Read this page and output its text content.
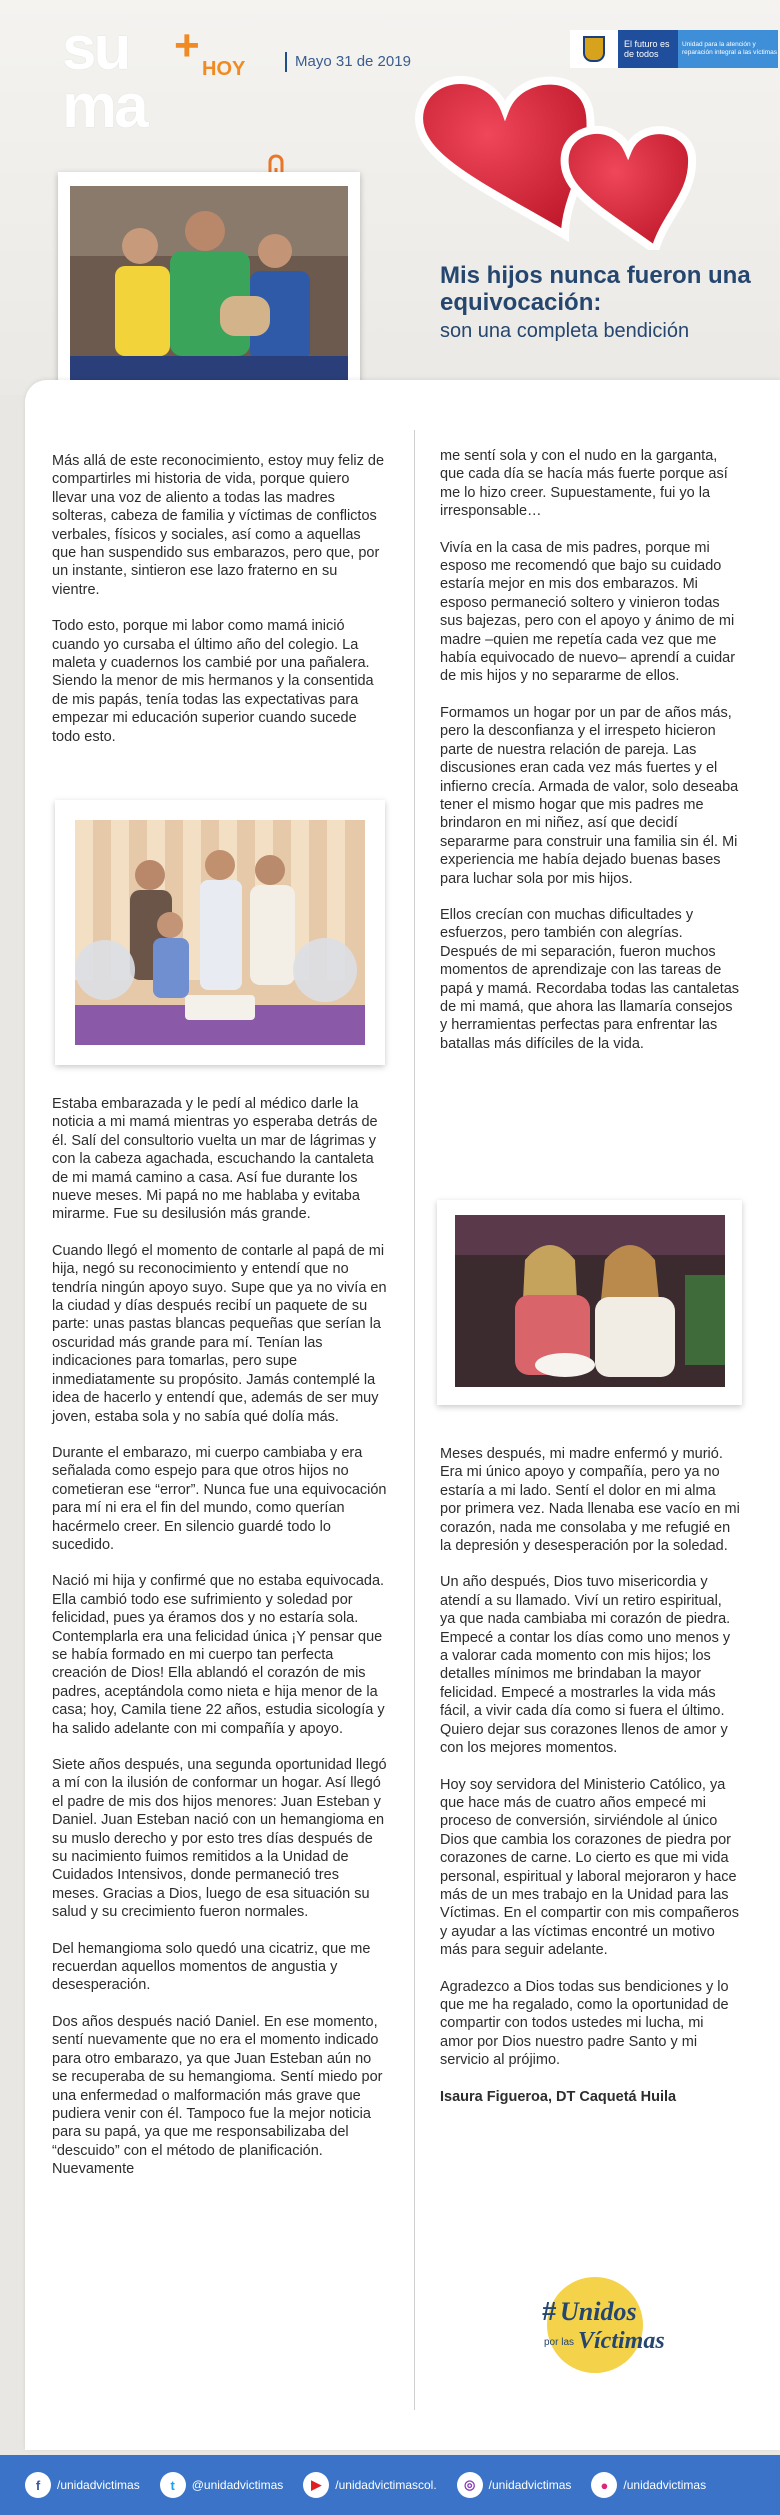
su
ma
+ HOY	Mayo 31 de 2019
El futuro es de todos
Unidad para la atención y reparación integral a las víctimas
Mis hijos nunca fueron una equivocación:
son una completa bendición

Más allá de este reconocimiento, estoy muy feliz de compartirles mi historia de vida, porque quiero llevar una voz de aliento a todas las madres solteras, cabeza de familia y víctimas de conflictos verbales, físicos y sociales, así como a aquellas que han suspendido sus embarazos, pero que, por un instante, sintieron ese lazo fraterno en su vientre.

Todo esto, porque mi labor como mamá inició cuando yo cursaba el último año del colegio. La maleta y cuadernos los cambié por una pañalera. Siendo la menor de mis hermanos y la consentida de mis papás, tenía todas las expectativas para empezar mi educación superior cuando sucede todo esto.

Estaba embarazada y le pedí al médico darle la noticia a mi mamá mientras yo esperaba detrás de él. Salí del consultorio vuelta un mar de lágrimas y con la cabeza agachada, escuchando la cantaleta de mi mamá camino a casa. Así fue durante los nueve meses. Mi papá no me hablaba y evitaba mirarme. Fue su desilusión más grande.

Cuando llegó el momento de contarle al papá de mi hija, negó su reconocimiento y entendí que no tendría ningún apoyo suyo. Supe que ya no vivía en la ciudad y días después recibí un paquete de su parte: unas pastas blancas pequeñas que serían la oscuridad más grande para mí. Tenían las indicaciones para tomarlas, pero supe inmediatamente su propósito. Jamás contemplé la idea de hacerlo y entendí que, además de ser muy joven, estaba sola y no sabía qué dolía más.

Durante el embarazo, mi cuerpo cambiaba y era señalada como espejo para que otros hijos no cometieran ese “error”. Nunca fue una equivocación para mí ni era el fin del mundo, como querían hacérmelo creer. En silencio guardé todo lo sucedido.

Nació mi hija y confirmé que no estaba equivocada. Ella cambió todo ese sufrimiento y soledad por felicidad, pues ya éramos dos y no estaría sola. Contemplarla era una felicidad única ¡Y pensar que se había formado en mi cuerpo tan perfecta creación de Dios! Ella ablandó el corazón de mis padres, aceptándola como nieta e hija menor de la casa; hoy, Camila tiene 22 años, estudia sicología y ha salido adelante con mi compañía y apoyo.

Siete años después, una segunda oportunidad llegó a mí con la ilusión de conformar un hogar. Así llegó el padre de mis dos hijos menores: Juan Esteban y Daniel. Juan Esteban nació con un hemangioma en su muslo derecho y por esto tres días después de su nacimiento fuimos remitidos a la Unidad de Cuidados Intensivos, donde permaneció tres meses. Gracias a Dios, luego de esa situación su salud y su crecimiento fueron normales.

Del hemangioma solo quedó una cicatriz, que me recuerdan aquellos momentos de angustia y desesperación.

Dos años después nació Daniel. En ese momento, sentí nuevamente que no era el momento indicado para otro embarazo, ya que Juan Esteban aún no se recuperaba de su hemangioma. Sentí miedo por una enfermedad o malformación más grave que pudiera venir con él. Tampoco fue la mejor noticia para su papá, ya que me responsabilizaba del “descuido” con el método de planificación. Nuevamente

me sentí sola y con el nudo en la garganta, que cada día se hacía más fuerte porque así me lo hizo creer. Supuestamente, fui yo la irresponsable…

Vivía en la casa de mis padres, porque mi esposo me recomendó que bajo su cuidado estaría mejor en mis dos embarazos. Mi esposo permaneció soltero y vinieron todas sus bajezas, pero con el apoyo y ánimo de mi madre –quien me repetía cada vez que me había equivocado de nuevo– aprendí a cuidar de mis hijos y no separarme de ellos.

Formamos un hogar por un par de años más, pero la desconfianza y el irrespeto hicieron parte de nuestra relación de pareja. Las discusiones eran cada vez más fuertes y el infierno crecía. Armada de valor, solo deseaba tener el mismo hogar que mis padres me brindaron en mi niñez, así que decidí separarme para construir una familia sin él. Mi experiencia me había dejado buenas bases para luchar sola por mis hijos.

Ellos crecían con muchas dificultades y esfuerzos, pero también con alegrías. Después de mi separación, fueron muchos momentos de aprendizaje con las tareas de papá y mamá. Recordaba todas las cantaletas de mi mamá, que ahora las llamaría consejos y herramientas perfectas para enfrentar las batallas más difíciles de la vida.

Meses después, mi madre enfermó y murió. Era mi único apoyo y compañía, pero ya no estaría a mi lado. Sentí el dolor en mi alma por primera vez. Nada llenaba ese vacío en mi corazón, nada me consolaba y me refugié en la depresión y desesperación por la soledad.

Un año después, Dios tuvo misericordia y atendí a su llamado. Viví un retiro espiritual, ya que nada cambiaba mi corazón de piedra. Empecé a contar los días como uno menos y a valorar cada momento con mis hijos; los detalles mínimos me brindaban la mayor felicidad. Empecé a mostrarles la vida más fácil, a vivir cada día como si fuera el último. Quiero dejar sus corazones llenos de amor y con los mejores momentos.

Hoy soy servidora del Ministerio Católico, ya que hace más de cuatro años empecé mi proceso de conversión, sirviéndole al único Dios que cambia los corazones de piedra por corazones de carne. Lo cierto es que mi vida personal, espiritual y laboral mejoraron y hace más de un mes trabajo en la Unidad para las Víctimas. En el compartir con mis compañeros y ayudar a las víctimas encontré un motivo más para seguir adelante.

Agradezco a Dios todas sus bendiciones y lo que me ha regalado, como la oportunidad de compartir con todos ustedes mi lucha, mi amor por Dios nuestro padre Santo y mi servicio al prójimo.

Isaura Figueroa, DT Caquetá Huila

# Unidos
por las Víctimas
f	/unidadvictimas	t	@unidadvictimas	▶	/unidadvictimascol.	◎	/unidadvictimas	●	/unidadvictimas
